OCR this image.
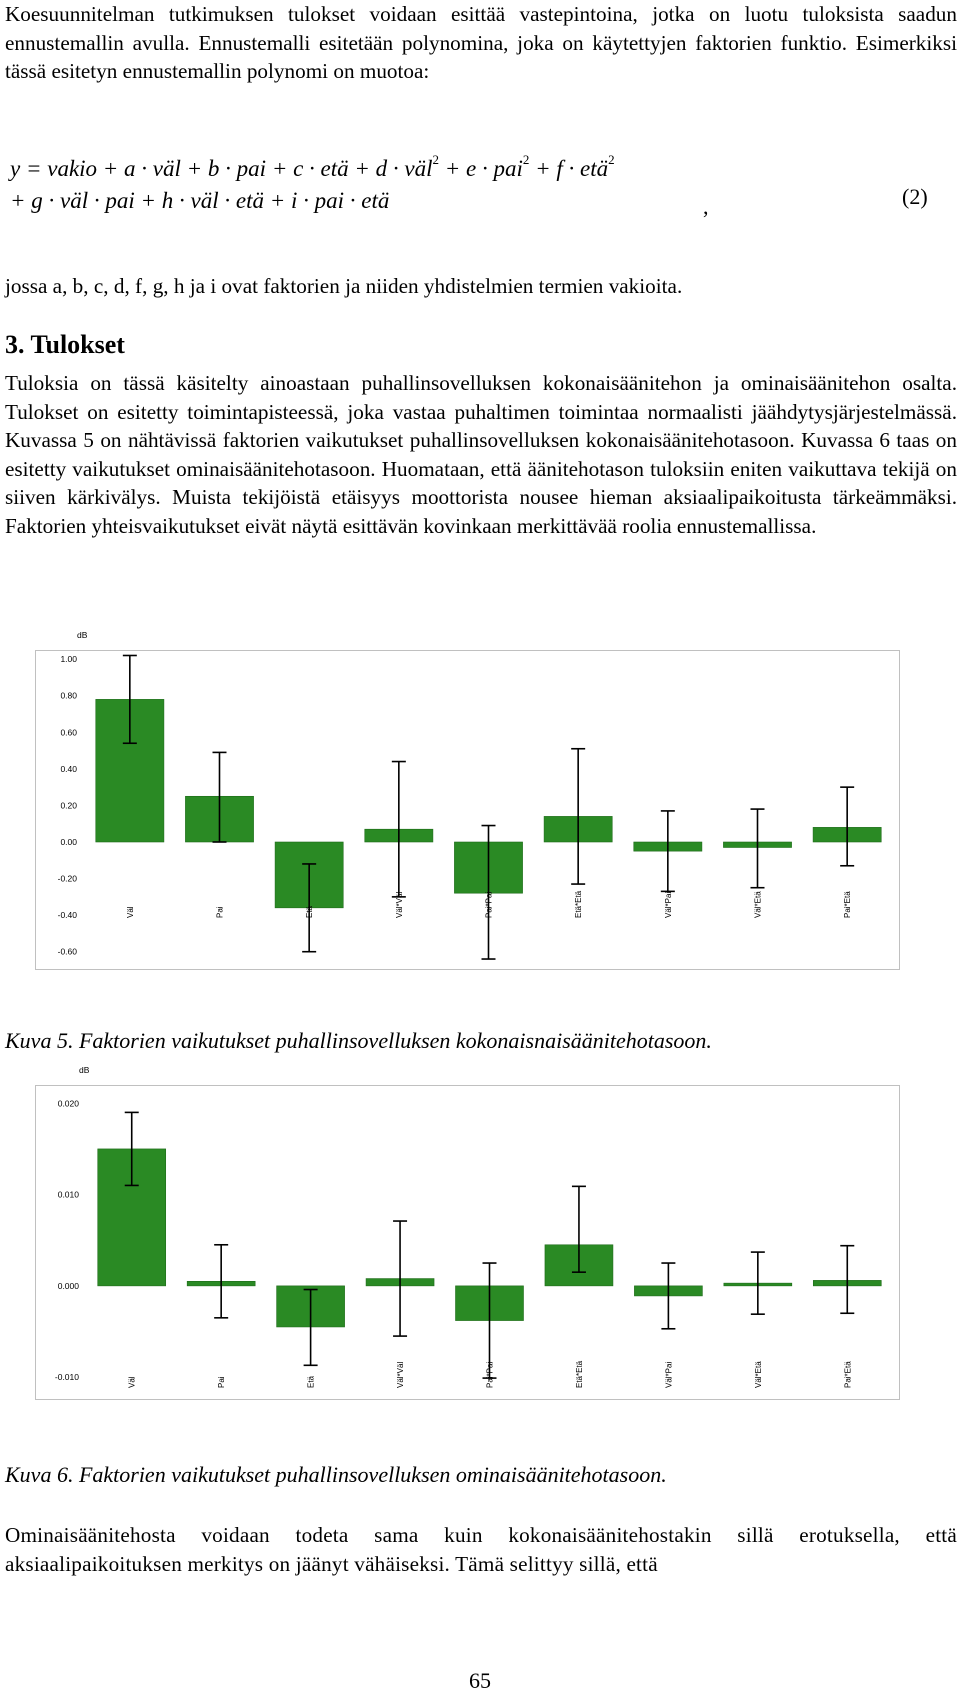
Koesuunnitelman tutkimuksen tulokset voidaan esittää vastepintoina, jotka on luotu tuloksista saadun ennustemallin avulla. Ennustemalli esitetään polynomina, joka on käytettyjen faktorien funktio. Esimerkiksi tässä esitetyn ennustemallin polynomi on muotoa:

y = vakio + a · väl + b · pai + c · etä + d · väl$^2$ + e · pai$^2$ + f · etä$^2$
+ g · väl · pai + h · väl · etä + i · pai · etä	,	(2)

jossa a, b, c, d, f, g, h ja i ovat faktorien ja niiden yhdistelmien termien vakioita.

3. Tulokset

Tuloksia on tässä käsitelty ainoastaan puhallinsovelluksen kokonaisäänitehon ja ominaisäänitehon osalta. Tulokset on esitetty toimintapisteessä, joka vastaa puhaltimen toimintaa normaalisti jäähdytysjärjestelmässä. Kuvassa 5 on nähtävissä faktorien vaikutukset puhallinsovelluksen kokonaisäänitehotasoon. Kuvassa 6 taas on esitetty vaikutukset ominaisäänitehotasoon. Huomataan, että äänitehotason tuloksiin eniten vaikuttava tekijä on siiven kärkivälys. Muista tekijöistä etäisyys moottorista nousee hieman aksiaalipaikoitusta tärkeämmäksi. Faktorien yhteisvaikutukset eivät näytä esittävän kovinkaan merkittävää roolia ennustemallissa.

dB
1.00
0.80
0.60
0.40
0.20
0.00
-0.20
-0.40
-0.60
Väl	Pai	Etä	Väl*Väl	Pai*Pai	Etä*Etä	Väl*Pai	Väl*Etä	Pai*Etä

Kuva 5. Faktorien vaikutukset puhallinsovelluksen kokonaisnaisäänitehotasoon.

dB
0.020
0.010
0.000
-0.010	Väl	Pai	Etä	Väl*Väl	Pai*Pai	Etä*Etä	Väl*Pai	Väl*Etä	Pai*Etä

Kuva 6. Faktorien vaikutukset puhallinsovelluksen ominaisäänitehotasoon.

Ominaisäänitehosta voidaan todeta sama kuin kokonaisäänitehostakin sillä erotuksella, että aksiaalipaikoituksen merkitys on jäänyt vähäiseksi. Tämä selittyy sillä, että

65
